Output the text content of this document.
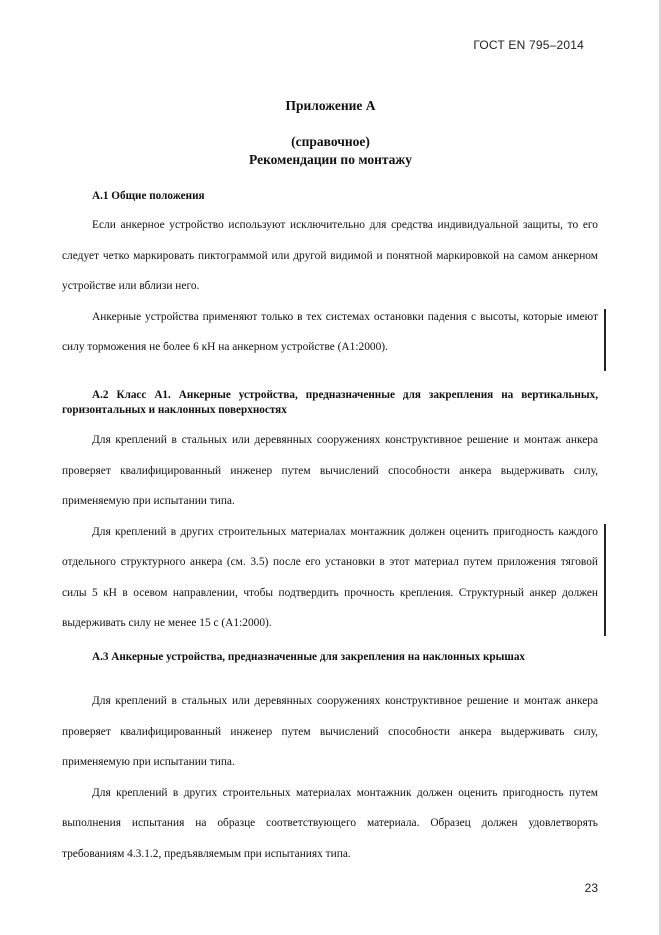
ГОСТ EN 795–2014
Приложение А
(справочное)
Рекомендации по монтажу
А.1 Общие положения

Если анкерное устройство используют исключительно для средства индивидуальной защиты, то его следует четко маркировать пиктограммой или другой видимой и понятной маркировкой на самом анкерном устройстве или вблизи него.

Анкерные устройства применяют только в тех системах остановки падения с высоты, которые имеют силу торможения не более 6 кН на анкерном устройстве (А1:2000).

А.2 Класс А1. Анкерные устройства, предназначенные для закрепления на вертикальных, горизонтальных и наклонных поверхностях

Для креплений в стальных или деревянных сооружениях конструктивное решение и монтаж анкера проверяет квалифицированный инженер путем вычислений способности анкера выдерживать силу, применяемую при испытании типа.

Для креплений в других строительных материалах монтажник должен оценить пригодность каждого отдельного структурного анкера (см. 3.5) после его установки в этот материал путем приложения тяговой силы 5 кН в осевом направлении, чтобы подтвердить прочность крепления. Структурный анкер должен выдерживать силу не менее 15 с (А1:2000).

А.3 Анкерные устройства, предназначенные для закрепления на наклонных крышах

Для креплений в стальных или деревянных сооружениях конструктивное решение и монтаж анкера проверяет квалифицированный инженер путем вычислений способности анкера выдерживать силу, применяемую при испытании типа.

Для креплений в других строительных материалах монтажник должен оценить пригодность путем выполнения испытания на образце соответствующего материала. Образец должен удовлетворять требованиям 4.3.1.2, предъявляемым при испытаниях типа.

23
